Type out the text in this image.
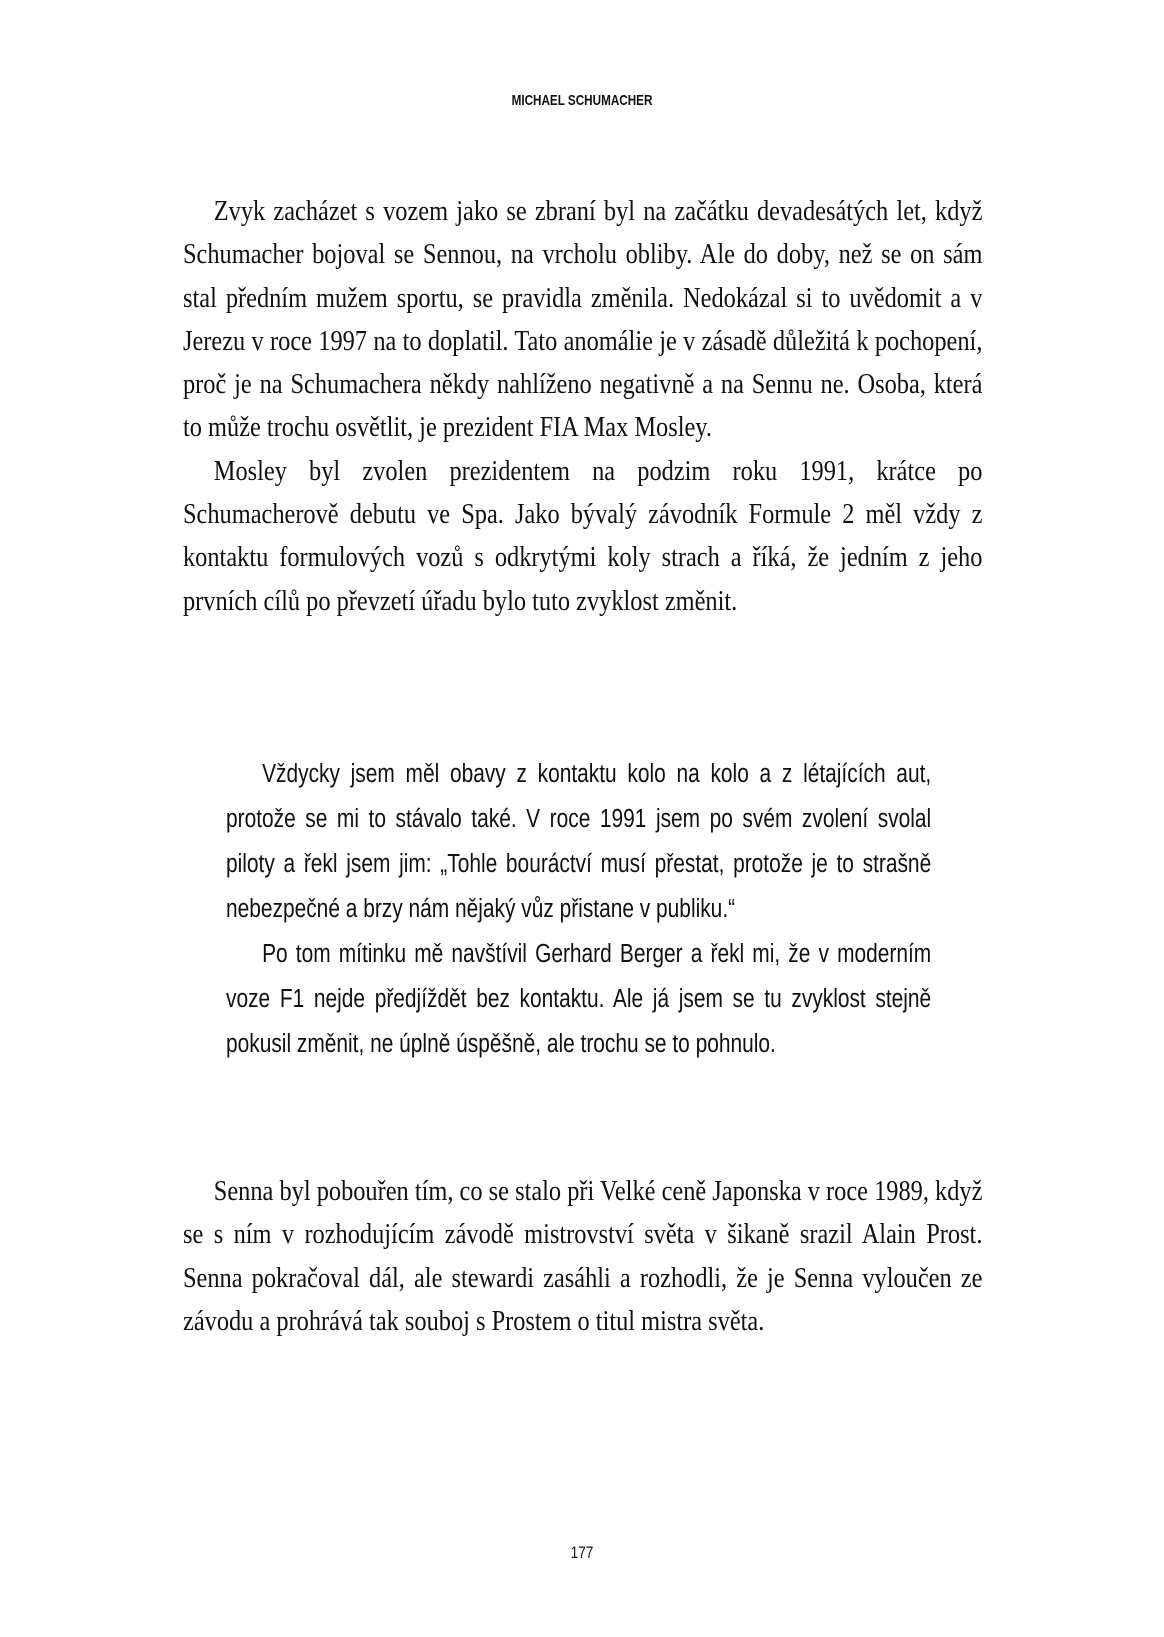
MICHAEL SCHUMACHER

Zvyk zacházet s vozem jako se zbraní byl na začátku devadesátých let, když Schumacher bojoval se Sennou, na vrcholu obliby. Ale do doby, než se on sám stal předním mužem sportu, se pravidla změnila. Nedokázal si to uvědomit a v Jerezu v roce 1997 na to doplatil. Tato anomálie je v zásadě důležitá k pochopení, proč je na Schumachera někdy nahlíženo negativně a na Sennu ne. Osoba, která to může trochu osvětlit, je prezident FIA Max Mosley.

Mosley byl zvolen prezidentem na podzim roku 1991, krátce po Schumacherově debutu ve Spa. Jako bývalý závodník Formule 2 měl vždy z kontaktu formulových vozů s odkrytými koly strach a říká, že jedním z jeho prvních cílů po převzetí úřadu bylo tuto zvyklost změnit.

Vždycky jsem měl obavy z kontaktu kolo na kolo a z létajících aut, protože se mi to stávalo také. V roce 1991 jsem po svém zvolení svolal piloty a řekl jsem jim: „Tohle bouráctví musí přestat, protože je to strašně nebezpečné a brzy nám nějaký vůz přistane v publiku.“

Po tom mítinku mě navštívil Gerhard Berger a řekl mi, že v moderním voze F1 nejde předjíždět bez kontaktu. Ale já jsem se tu zvyklost stejně pokusil změnit, ne úplně úspěšně, ale trochu se to pohnulo.

Senna byl pobouřen tím, co se stalo při Velké ceně Japonska v roce 1989, když se s ním v rozhodujícím závodě mistrovství světa v šikaně srazil Alain Prost. Senna pokračoval dál, ale stewardi zasáhli a rozhodli, že je Senna vyloučen ze závodu a prohrává tak souboj s Prostem o titul mistra světa.

177
